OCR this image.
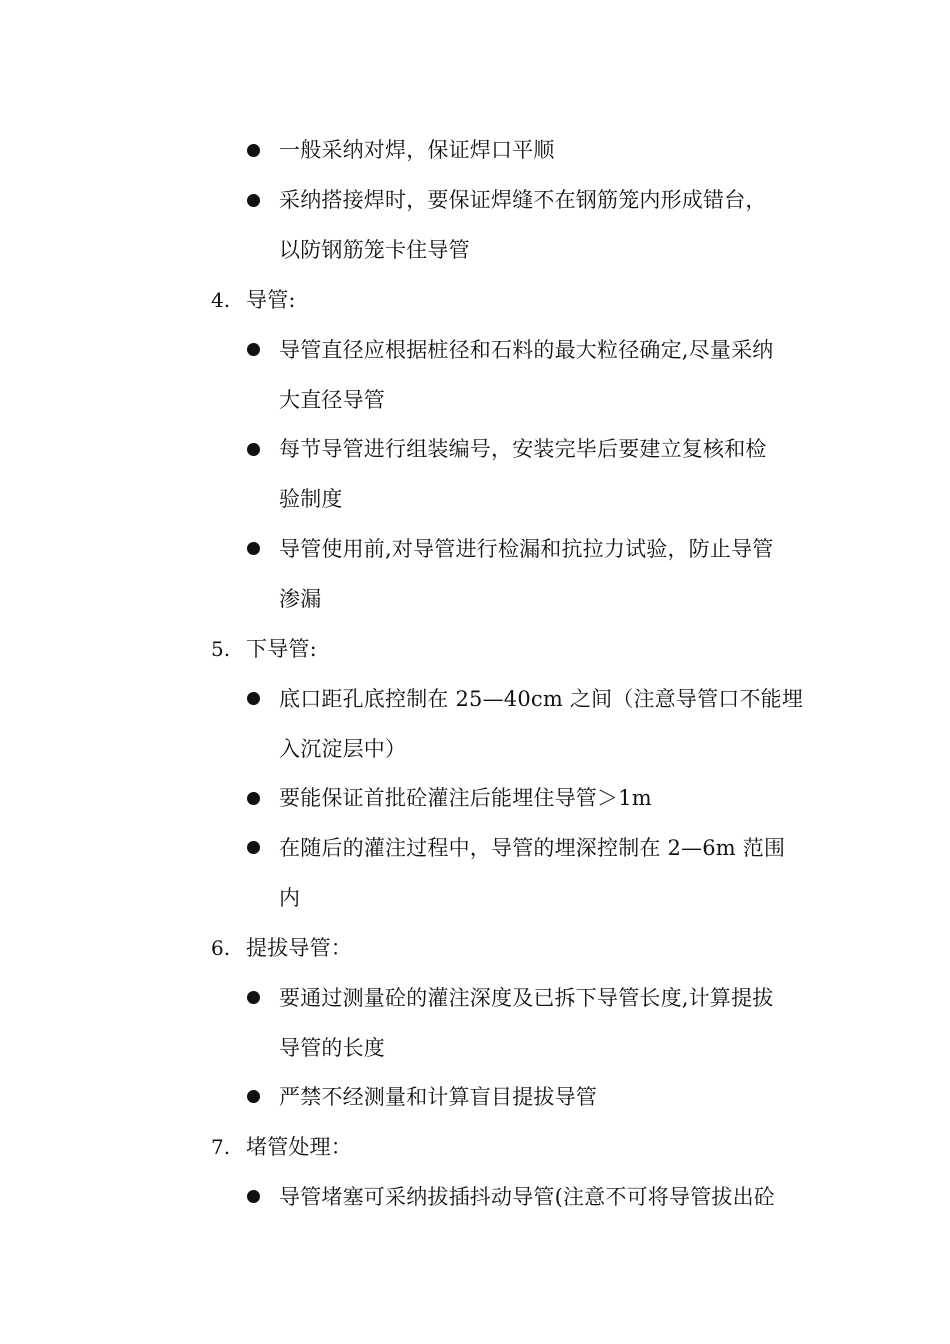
一般采纳对焊，保证焊口平顺
采纳搭接焊时，要保证焊缝不在钢筋笼内形成错台，
以防钢筋笼卡住导管
4. 导管:
导管直径应根据桩径和石料的最大粒径确定,尽量采纳
大直径导管
每节导管进行组装编号，安装完毕后要建立复核和检
验制度
导管使用前,对导管进行检漏和抗拉力试验，防止导管
渗漏
5. 下导管:
底口距孔底控制在 25—40cm 之间（注意导管口不能埋
入沉淀层中）
要能保证首批砼灌注后能埋住导管＞1m
在随后的灌注过程中，导管的埋深控制在 2—6m 范围
内
6. 提拔导管：
要通过测量砼的灌注深度及已拆下导管长度,计算提拔
导管的长度
严禁不经测量和计算盲目提拔导管
7. 堵管处理：
导管堵塞可采纳拔插抖动导管(注意不可将导管拔出砼
